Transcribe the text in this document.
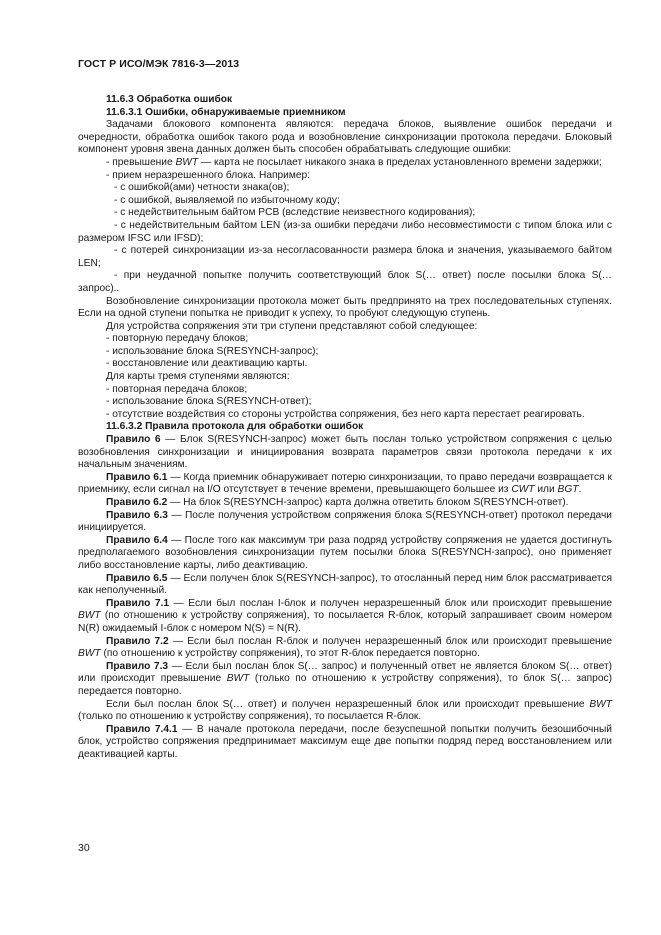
ГОСТ Р ИСО/МЭК 7816-3—2013

11.6.3 Обработка ошибок

11.6.3.1 Ошибки, обнаруживаемые приемником

Задачами блокового компонента являются: передача блоков, выявление ошибок передачи и очередности, обработка ошибок такого рода и возобновление синхронизации протокола передачи. Блоковый компонент уровня звена данных должен быть способен обрабатывать следующие ошибки:

- превышение BWT — карта не посылает никакого знака в пределах установленного времени задержки;

- прием неразрешенного блока. Например:

- с ошибкой(ами) четности знака(ов);

- с ошибкой, выявляемой по избыточному коду;

- с недействительным байтом PCB (вследствие неизвестного кодирования);

- с недействительным байтом LEN (из-за ошибки передачи либо несовместимости с типом блока или с размером IFSC или IFSD);

- с потерей синхронизации из-за несогласованности размера блока и значения, указываемого байтом LEN;

- при неудачной попытке получить соответствующий блок S(… ответ) после посылки блока S(… запрос)..

Возобновление синхронизации протокола может быть предпринято на трех последовательных ступенях. Если на одной ступени попытка не приводит к успеху, то пробуют следующую ступень.

Для устройства сопряжения эти три ступени представляют собой следующее:

- повторную передачу блоков;

- использование блока S(RESYNCH-запрос);

- восстановление или деактивацию карты.

Для карты тремя ступенями являются:

- повторная передача блоков;

- использование блока S(RESYNCH-ответ);

- отсутствие воздействия со стороны устройства сопряжения, без него карта перестает реагировать.

11.6.3.2 Правила протокола для обработки ошибок

Правило 6 — Блок S(RESYNCH-запрос) может быть послан только устройством сопряжения с целью возобновления синхронизации и инициирования возврата параметров связи протокола передачи к их начальным значениям.

Правило 6.1 — Когда приемник обнаруживает потерю синхронизации, то право передачи возвращается к приемнику, если сигнал на I/O отсутствует в течение времени, превышающего большее из CWT или BGT.

Правило 6.2 — На блок S(RESYNCH-запрос) карта должна ответить блоком S(RESYNCH-ответ).

Правило 6.3 — После получения устройством сопряжения блока S(RESYNCH-ответ) протокол передачи инициируется.

Правило 6.4 — После того как максимум три раза подряд устройству сопряжения не удается достигнуть предполагаемого возобновления синхронизации путем посылки блока S(RESYNCH-запрос), оно применяет либо восстановление карты, либо деактивацию.

Правило 6.5 — Если получен блок S(RESYNCH-запрос), то отосланный перед ним блок рассматривается как неполученный.

Правило 7.1 — Если был послан I-блок и получен неразрешенный блок или происходит превышение BWT (по отношению к устройству сопряжения), то посылается R-блок, который запрашивает своим номером N(R) ожидаемый I-блок с номером N(S) = N(R).

Правило 7.2 — Если был послан R-блок и получен неразрешенный блок или происходит превышение BWT (по отношению к устройству сопряжения), то этот R-блок передается повторно.

Правило 7.3 — Если был послан блок S(… запрос) и полученный ответ не является блоком S(… ответ) или происходит превышение BWT (только по отношению к устройству сопряжения), то блок S(… запрос) передается повторно.

Если был послан блок S(… ответ) и получен неразрешенный блок или происходит превышение BWT (только по отношению к устройству сопряжения), то посылается R-блок.

Правило 7.4.1 — В начале протокола передачи, после безуспешной попытки получить безошибочный блок, устройство сопряжения предпринимает максимум еще две попытки подряд перед восстановлением или деактивацией карты.

30
